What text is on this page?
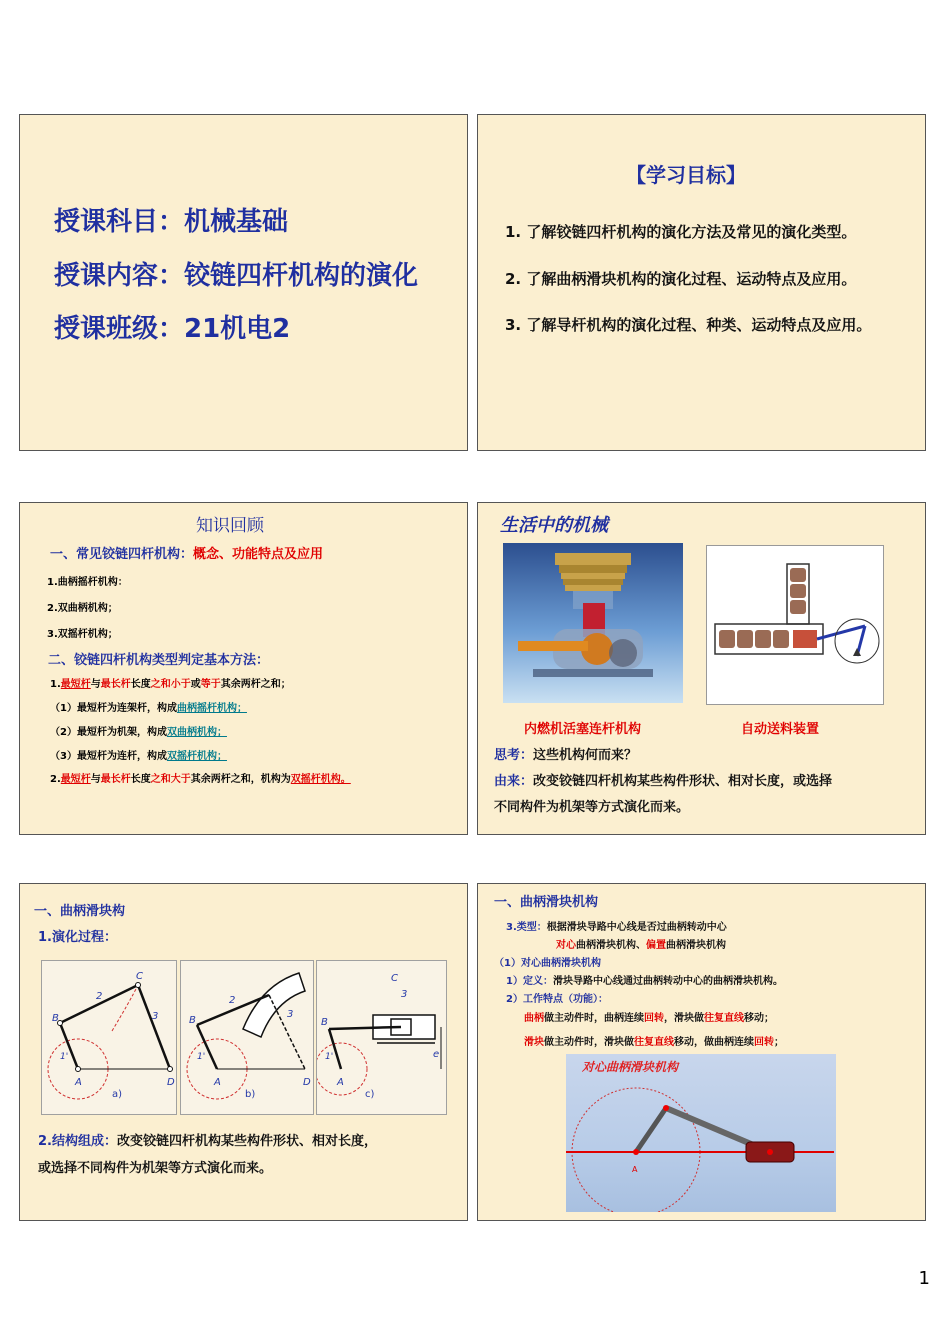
授课科目：机械基础
授课内容：铰链四杆机构的演化
授课班级：21机电2
【学习目标】
1. 了解铰链四杆机构的演化方法及常见的演化类型。
2. 了解曲柄滑块机构的演化过程、运动特点及应用。
3. 了解导杆机构的演化过程、种类、运动特点及应用。
知识回顾
一、常见铰链四杆机构：概念、功能特点及应用
1.曲柄摇杆机构：
2.双曲柄机构；
3.双摇杆机构；
二、铰链四杆机构类型判定基本方法：
1.最短杆与最长杆长度之和小于或等于其余两杆之和；
（1）最短杆为连架杆，构成曲柄摇杆机构；
（2）最短杆为机架，构成双曲柄机构；
（3）最短杆为连杆，构成双摇杆机构；
2.最短杆与最长杆长度之和大于其余两杆之和，机构为双摇杆机构。
生活中的机械
内燃机活塞连杆机构	自动送料装置
思考：这些机构何而来？
由来：改变铰链四杆机构某些构件形状、相对长度，或选择
不同构件为机架等方式演化而来。
一、曲柄滑块构
1.演化过程：
B
C
A	D
1'
2
3
a)
B
A	D
1'
2
3
b)
B
C
A
1'
3
e
c)
2.结构组成：改变铰链四杆机构某些构件形状、相对长度，
或选择不同构件为机架等方式演化而来。
一、曲柄滑块机构
3.类型：根据滑块导路中心线是否过曲柄转动中心
对心曲柄滑块机构、偏置曲柄滑块机构
（1）对心曲柄滑块机构
1）定义：滑块导路中心线通过曲柄转动中心的曲柄滑块机构。
2）工作特点（功能）：
曲柄做主动件时，曲柄连续回转，滑块做往复直线移动；
滑块做主动件时，滑块做往复直线移动，做曲柄连续回转；
对心曲柄滑块机构
A
1
